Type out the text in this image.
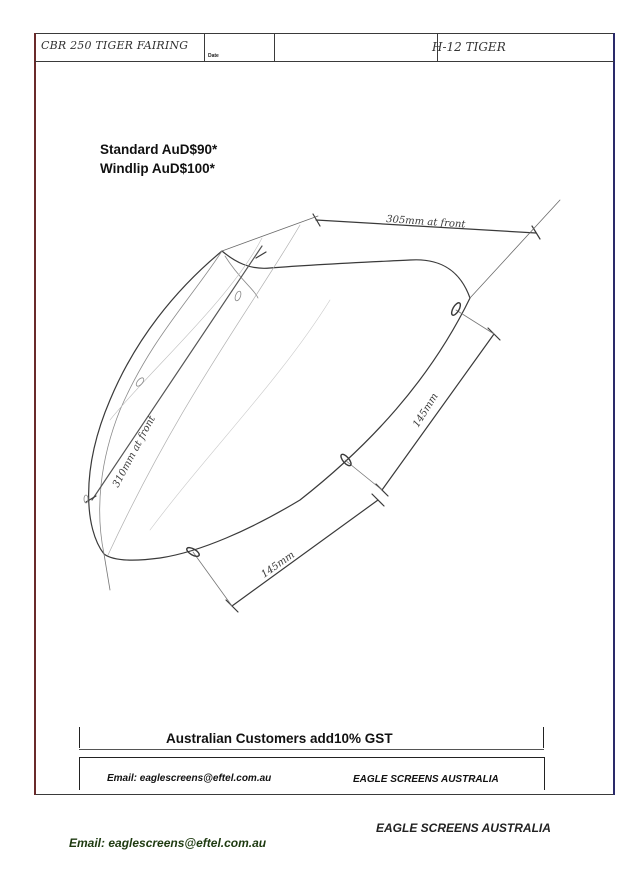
CBR 250 TIGER FAIRING
Date
H-12 TIGER
Standard AuD$90*
Windlip AuD$100*
305mm at front
310mm at front
145mm
145mm
Australian Customers add10% GST
Email: eaglescreens@eftel.com.au	EAGLE SCREENS AUSTRALIA
EAGLE SCREENS AUSTRALIA
Email: eaglescreens@eftel.com.au
